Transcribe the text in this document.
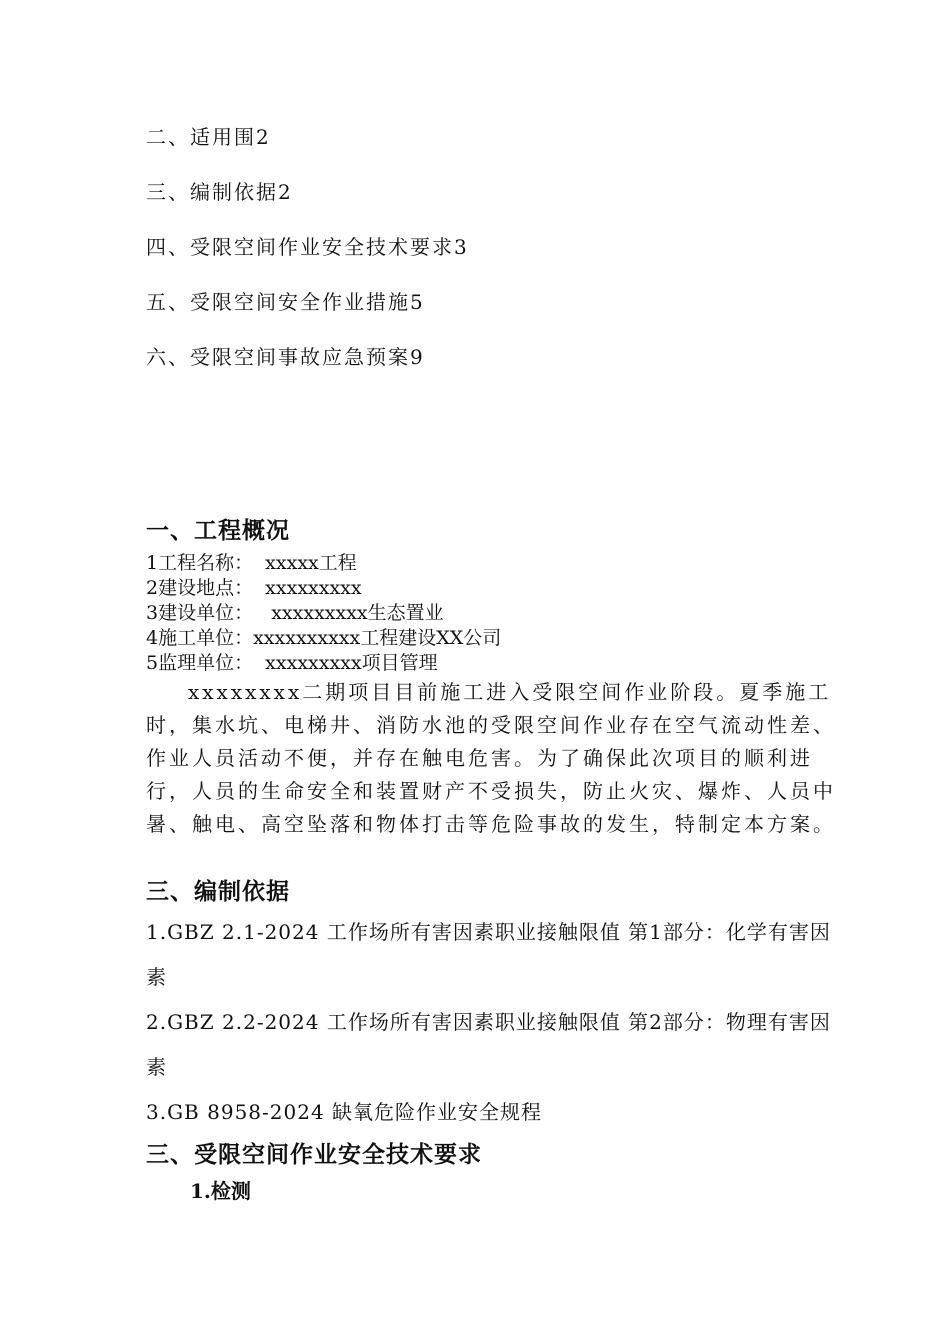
二、适用围2
三、编制依据2
四、受限空间作业安全技术要求3
五、受限空间安全作业措施5
六、受限空间事故应急预案9
一、工程概况
1工程名称：  xxxxx工程
2建设地点：  xxxxxxxxx
3建设单位：   xxxxxxxxx生态置业
4施工单位：xxxxxxxxxx工程建设XX公司
5监理单位：  xxxxxxxxx项目管理

xxxxxxxx二期项目目前施工进入受限空间作业阶段。夏季施工时，集水坑、电梯井、消防水池的受限空间作业存在空气流动性差、作业人员活动不便，并存在触电危害。为了确保此次项目的顺利进行，人员的生命安全和装置财产不受损失，防止火灾、爆炸、人员中暑、触电、高空坠落和物体打击等危险事故的发生，特制定本方案。

三、编制依据
1.GBZ 2.1-2024 工作场所有害因素职业接触限值 第1部分：化学有害因素
2.GBZ 2.2-2024 工作场所有害因素职业接触限值 第2部分：物理有害因素
3.GB 8958-2024 缺氧危险作业安全规程
三、受限空间作业安全技术要求
1.检测
